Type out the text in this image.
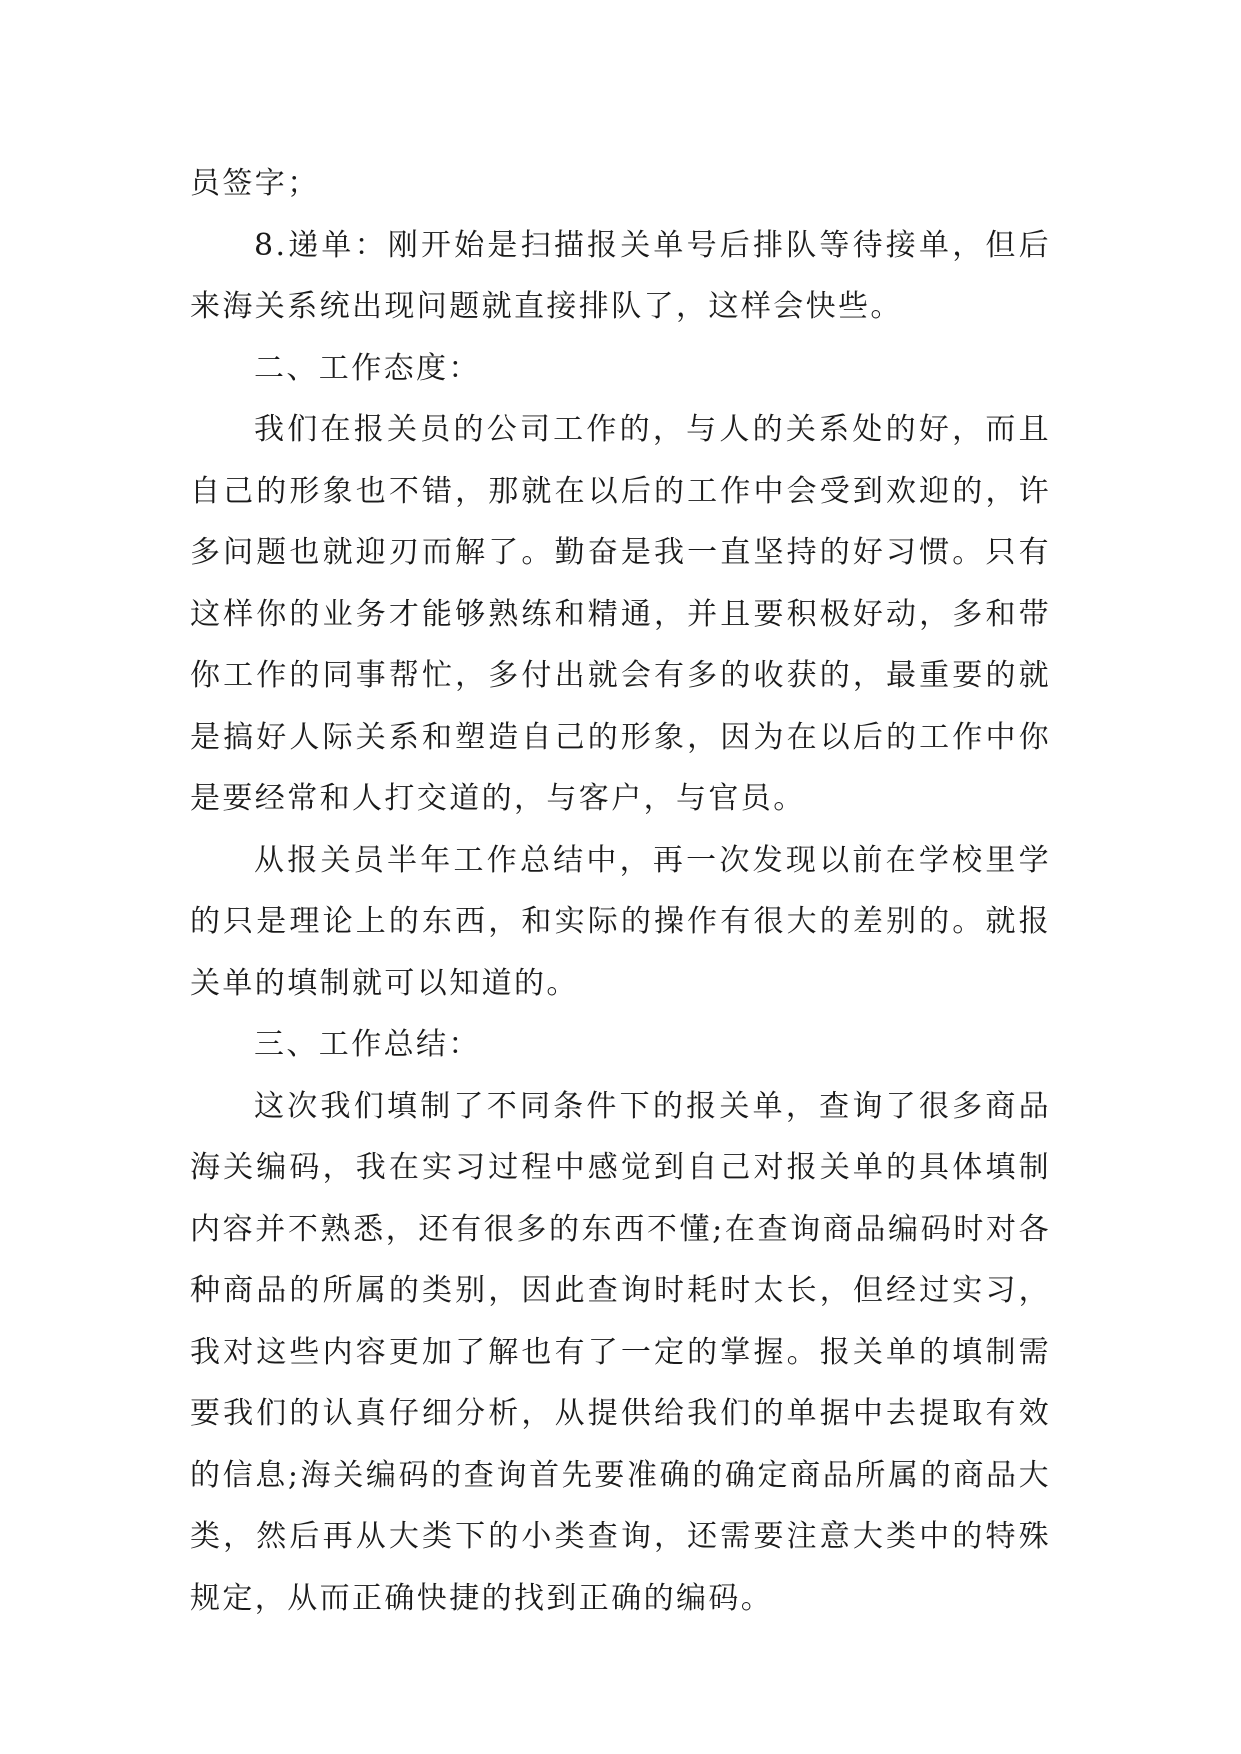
员签字；

8.递单：刚开始是扫描报关单号后排队等待接单，但后来海关系统出现问题就直接排队了，这样会快些。

二、工作态度：

我们在报关员的公司工作的，与人的关系处的好，而且自己的形象也不错，那就在以后的工作中会受到欢迎的，许多问题也就迎刃而解了。勤奋是我一直坚持的好习惯。只有这样你的业务才能够熟练和精通，并且要积极好动，多和带你工作的同事帮忙，多付出就会有多的收获的，最重要的就是搞好人际关系和塑造自己的形象，因为在以后的工作中你是要经常和人打交道的，与客户，与官员。

从报关员半年工作总结中，再一次发现以前在学校里学的只是理论上的东西，和实际的操作有很大的差别的。就报关单的填制就可以知道的。

三、工作总结：

这次我们填制了不同条件下的报关单，查询了很多商品海关编码，我在实习过程中感觉到自己对报关单的具体填制内容并不熟悉，还有很多的东西不懂;在查询商品编码时对各种商品的所属的类别，因此查询时耗时太长，但经过实习，我对这些内容更加了解也有了一定的掌握。报关单的填制需要我们的认真仔细分析，从提供给我们的单据中去提取有效的信息;海关编码的查询首先要准确的确定商品所属的商品大类，然后再从大类下的小类查询，还需要注意大类中的特殊规定，从而正确快捷的找到正确的编码。
